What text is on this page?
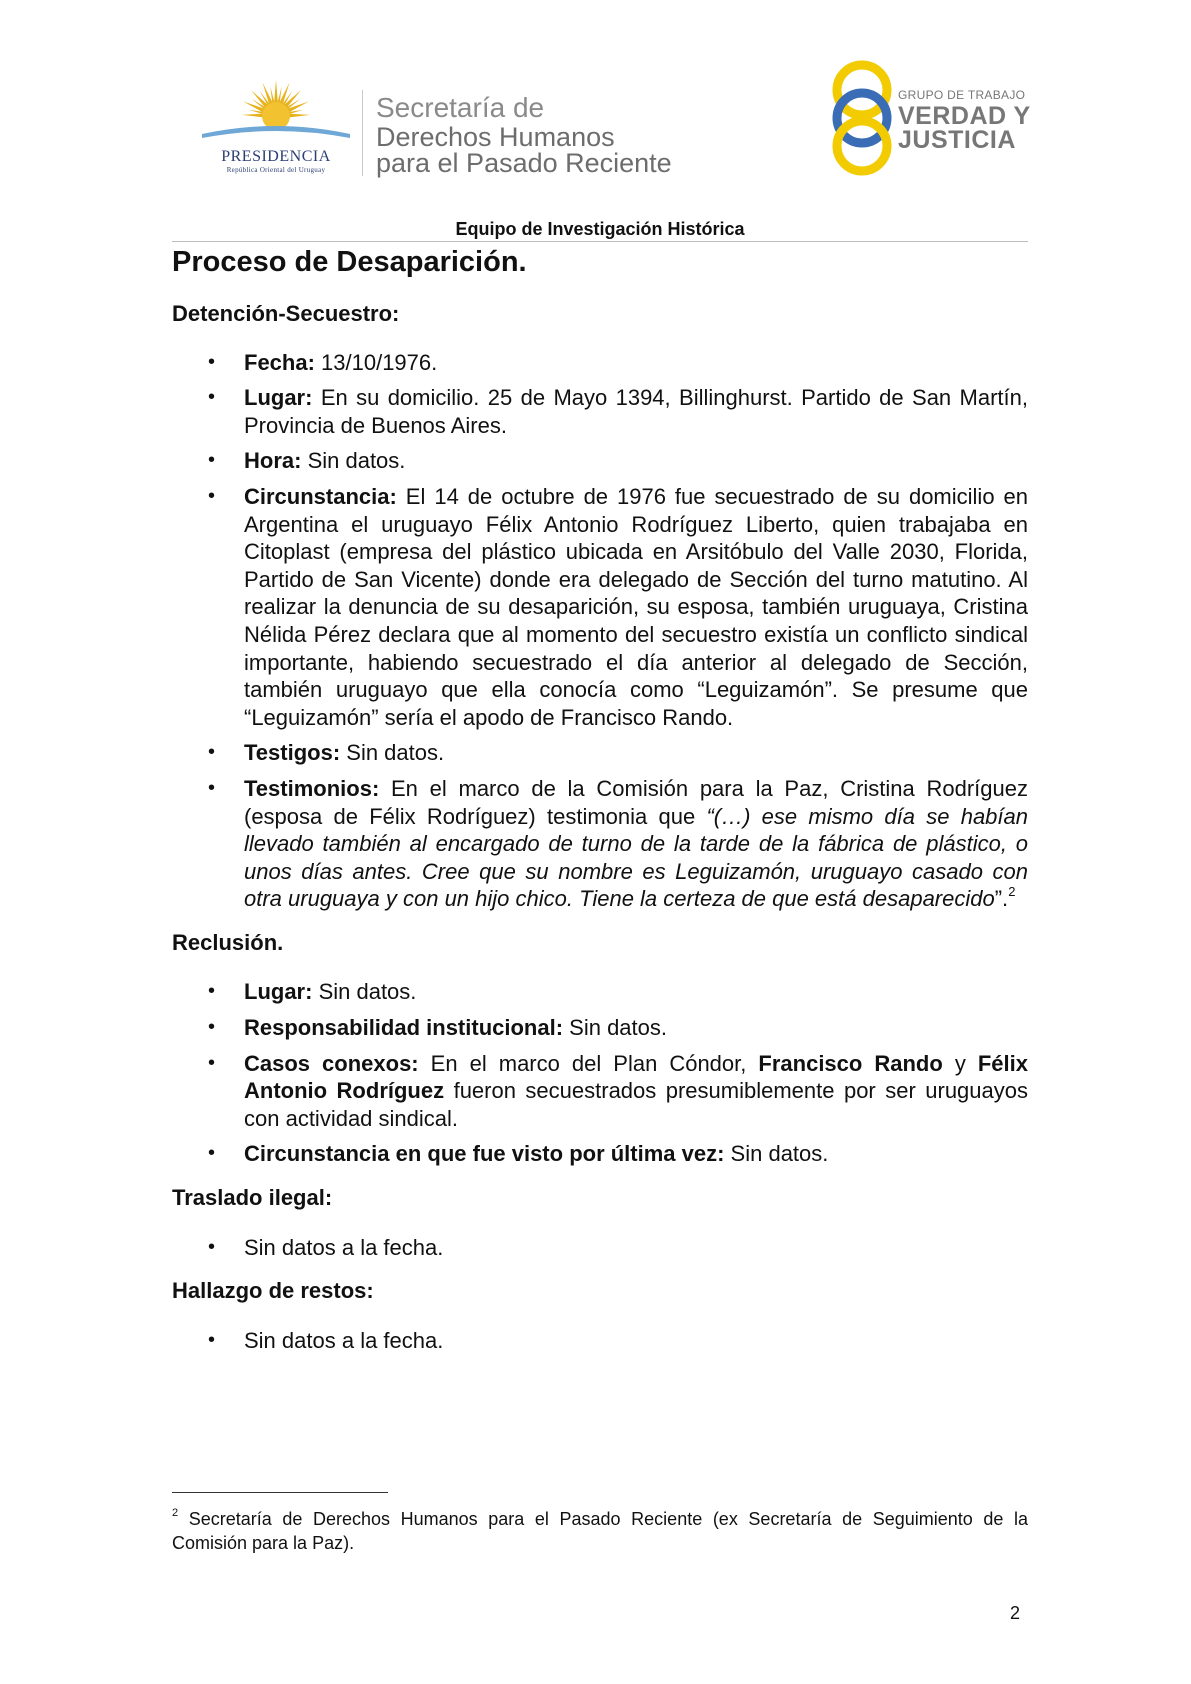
PRESIDENCIA
República Oriental del Uruguay
Secretaría de
Derechos Humanos
para el Pasado Reciente
GRUPO DE TRABAJO
VERDAD Y
JUSTICIA
Equipo de Investigación Histórica
Proceso de Desaparición.

Detención-Secuestro:

• Fecha: 13/10/1976.
• Lugar: En su domicilio. 25 de Mayo 1394, Billinghurst. Partido de San Martín, Provincia de Buenos Aires.
• Hora: Sin datos.
• Circunstancia: El 14 de octubre de 1976 fue secuestrado de su domicilio en Argentina el uruguayo Félix Antonio Rodríguez Liberto, quien trabajaba en Citoplast (empresa del plástico ubicada en Arsitóbulo del Valle 2030, Florida, Partido de San Vicente) donde era delegado de Sección del turno matutino. Al realizar la denuncia de su desaparición, su esposa, también uruguaya, Cristina Nélida Pérez declara que al momento del secuestro existía un conflicto sindical importante, habiendo secuestrado el día anterior al delegado de Sección, también uruguayo que ella conocía como “Leguizamón”. Se presume que “Leguizamón” sería el apodo de Francisco Rando.
• Testigos: Sin datos.
• Testimonios: En el marco de la Comisión para la Paz, Cristina Rodríguez (esposa de Félix Rodríguez) testimonia que “(…) ese mismo día se habían llevado también al encargado de turno de la tarde de la fábrica de plástico, o unos días antes. Cree que su nombre es Leguizamón, uruguayo casado con otra uruguaya y con un hijo chico. Tiene la certeza de que está desaparecido”.$^2$

Reclusión.

• Lugar: Sin datos.
• Responsabilidad institucional: Sin datos.
• Casos conexos: En el marco del Plan Cóndor, Francisco Rando y Félix Antonio Rodríguez fueron secuestrados presumiblemente por ser uruguayos con actividad sindical.
• Circunstancia en que fue visto por última vez: Sin datos.

Traslado ilegal:

• Sin datos a la fecha.

Hallazgo de restos:

• Sin datos a la fecha.
$^2$ Secretaría de Derechos Humanos para el Pasado Reciente (ex Secretaría de Seguimiento de la Comisión para la Paz).
2
